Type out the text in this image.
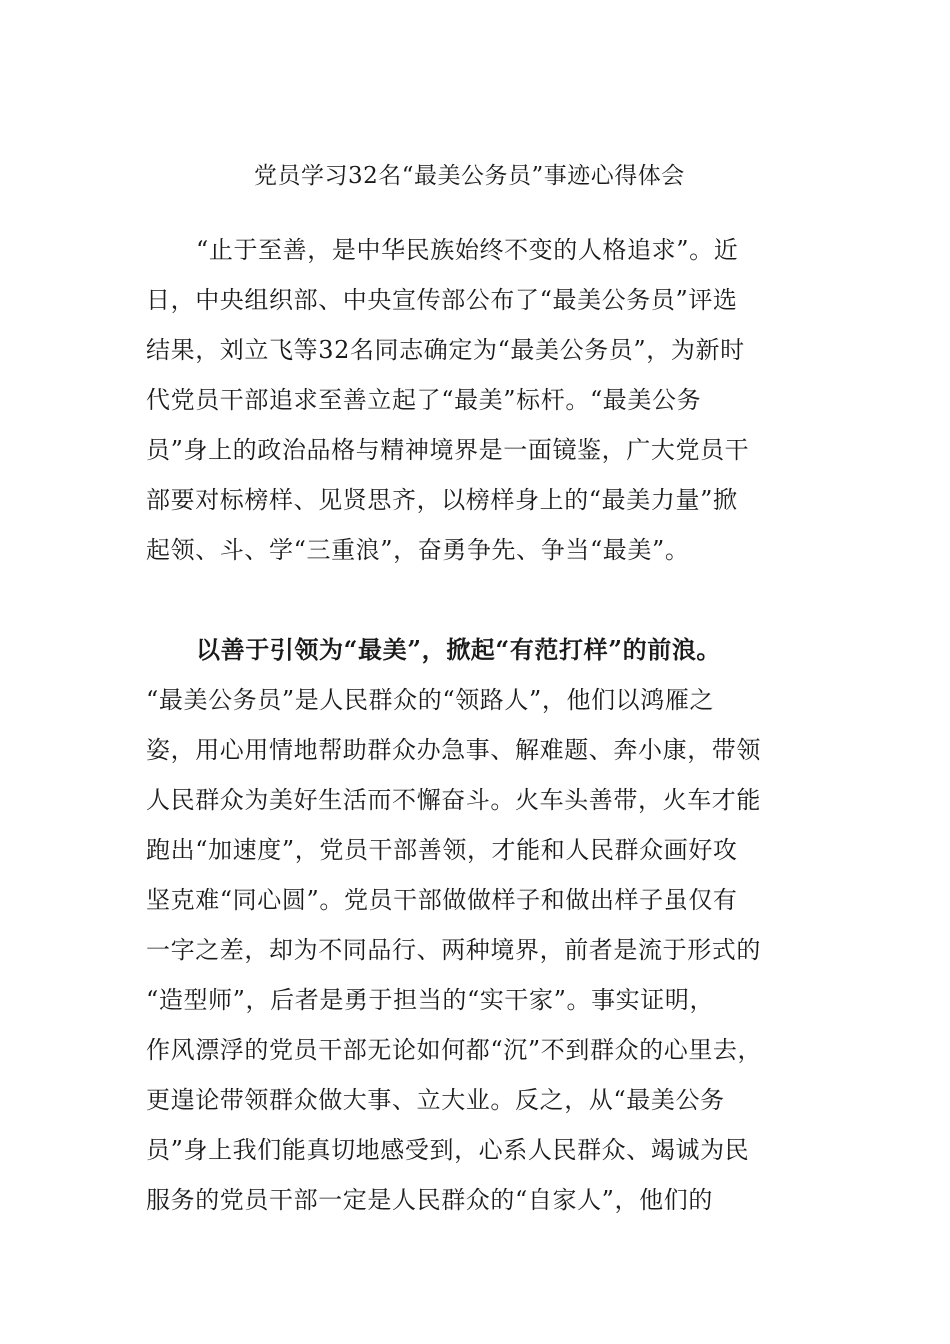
党员学习32名“最美公务员”事迹心得体会
“止于至善，是中华民族始终不变的人格追求”。近
日，中央组织部、中央宣传部公布了“最美公务员”评选
结果，刘立飞等32名同志确定为“最美公务员”，为新时
代党员干部追求至善立起了“最美”标杆。“最美公务
员”身上的政治品格与精神境界是一面镜鉴，广大党员干
部要对标榜样、见贤思齐，以榜样身上的“最美力量”掀
起领、斗、学“三重浪”，奋勇争先、争当“最美”。
以善于引领为“最美”，掀起“有范打样”的前浪。
“最美公务员”是人民群众的“领路人”，他们以鸿雁之
姿，用心用情地帮助群众办急事、解难题、奔小康，带领
人民群众为美好生活而不懈奋斗。火车头善带，火车才能
跑出“加速度”，党员干部善领，才能和人民群众画好攻
坚克难“同心圆”。党员干部做做样子和做出样子虽仅有
一字之差，却为不同品行、两种境界，前者是流于形式的
“造型师”，后者是勇于担当的“实干家”。事实证明，
作风漂浮的党员干部无论如何都“沉”不到群众的心里去，
更遑论带领群众做大事、立大业。反之，从“最美公务
员”身上我们能真切地感受到，心系人民群众、竭诚为民
服务的党员干部一定是人民群众的“自家人”，他们的
